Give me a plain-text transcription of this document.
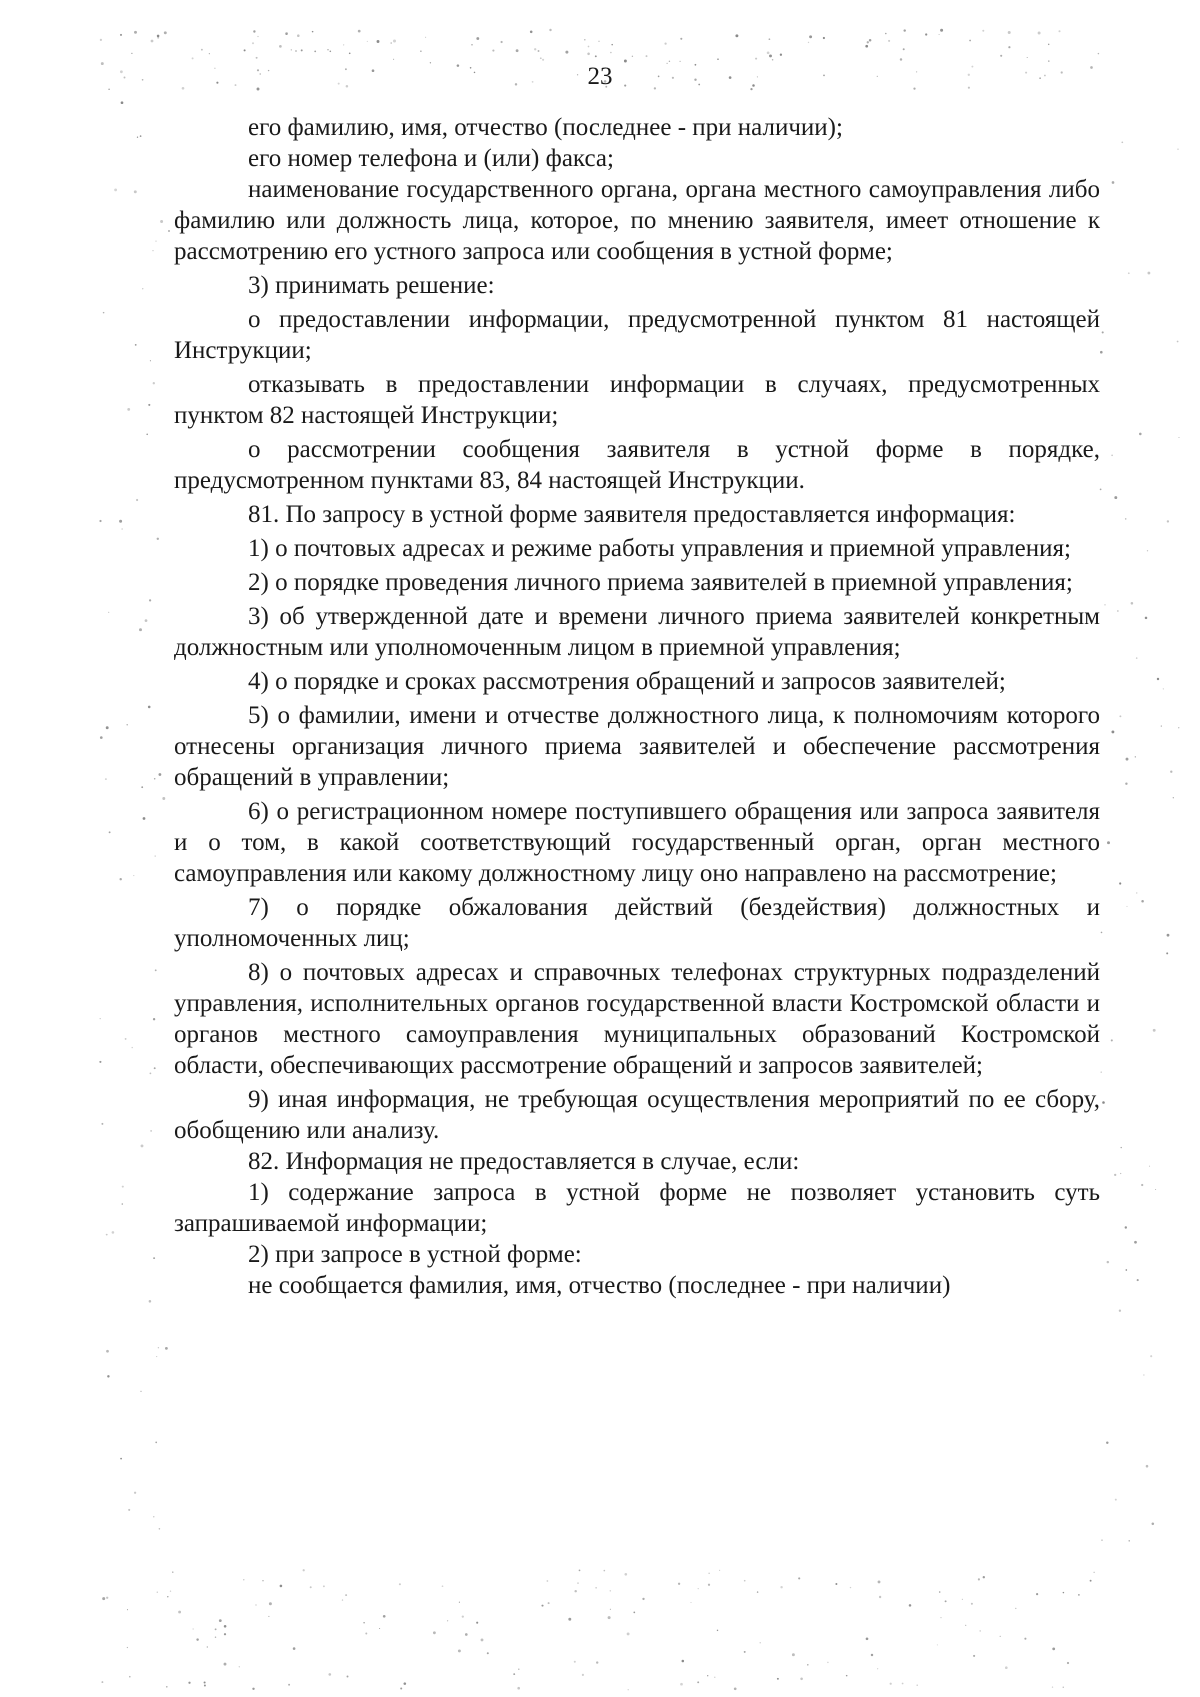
23

его фамилию, имя, отчество (последнее - при наличии);

его номер телефона и (или) факса;

наименование государственного органа, органа местного самоуправления либо фамилию или должность лица, которое, по мнению заявителя, имеет отношение к рассмотрению его устного запроса или сообщения в устной форме;

3) принимать решение:

о предоставлении информации, предусмотренной пунктом 81 настоящей Инструкции;

отказывать в предоставлении информации в случаях, предусмотренных пунктом 82 настоящей Инструкции;

о рассмотрении сообщения заявителя в устной форме в порядке, предусмотренном пунктами 83, 84 настоящей Инструкции.

81. По запросу в устной форме заявителя предоставляется информация:

1) о почтовых адресах и режиме работы управления и приемной управления;

2) о порядке проведения личного приема заявителей в приемной управления;

3) об утвержденной дате и времени личного приема заявителей конкретным должностным или уполномоченным лицом в приемной управления;

4) о порядке и сроках рассмотрения обращений и запросов заявителей;

5) о фамилии, имени и отчестве должностного лица, к полномочиям которого отнесены организация личного приема заявителей и обеспечение рассмотрения обращений в управлении;

6) о регистрационном номере поступившего обращения или запроса заявителя и о том, в какой соответствующий государственный орган, орган местного самоуправления или какому должностному лицу оно направлено на рассмотрение;

7) о порядке обжалования действий (бездействия) должностных и уполномоченных лиц;

8) о почтовых адресах и справочных телефонах структурных подразделений управления, исполнительных органов государственной власти Костромской области и органов местного самоуправления муниципальных образований Костромской области, обеспечивающих рассмотрение обращений и запросов заявителей;

9) иная информация, не требующая осуществления мероприятий по ее сбору, обобщению или анализу.

82. Информация не предоставляется в случае, если:

1) содержание запроса в устной форме не позволяет установить суть запрашиваемой информации;

2) при запросе в устной форме:

не сообщается фамилия, имя, отчество (последнее - при наличии)
